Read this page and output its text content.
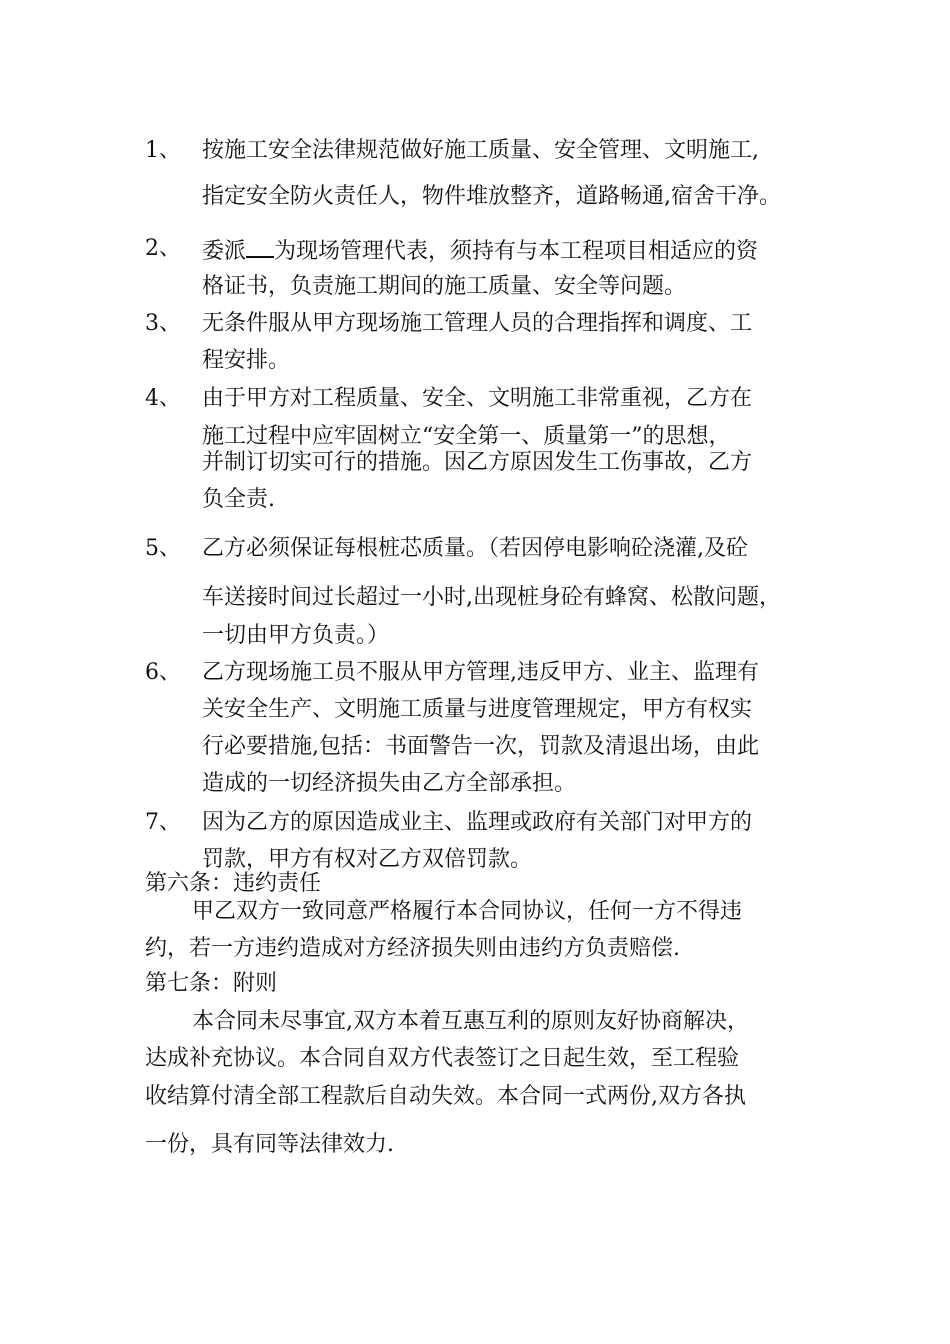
1、 按施工安全法律规范做好施工质量、安全管理、文明施工,
指定安全防火责任人，物件堆放整齐，道路畅通,宿舍干净。
2、 委派 为现场管理代表，须持有与本工程项目相适应的资
格证书，负责施工期间的施工质量、安全等问题。
3、 无条件服从甲方现场施工管理人员的合理指挥和调度、工
程安排。
4、 由于甲方对工程质量、安全、文明施工非常重视，乙方在
施工过程中应牢固树立“安全第一、质量第一”的思想，
并制订切实可行的措施。因乙方原因发生工伤事故，乙方
负全责.
5、 乙方必须保证每根桩芯质量。（若因停电影响砼浇灌,及砼
车送接时间过长超过一小时,出现桩身砼有蜂窝、松散问题，
一切由甲方负责。）
6、 乙方现场施工员不服从甲方管理,违反甲方、业主、监理有
关安全生产、文明施工质量与进度管理规定，甲方有权实
行必要措施,包括：书面警告一次，罚款及清退出场，由此
造成的一切经济损失由乙方全部承担。
7、 因为乙方的原因造成业主、监理或政府有关部门对甲方的
罚款，甲方有权对乙方双倍罚款。
第六条：违约责任
甲乙双方一致同意严格履行本合同协议，任何一方不得违
约，若一方违约造成对方经济损失则由违约方负责赔偿.
第七条：附则
本合同未尽事宜,双方本着互惠互利的原则友好协商解决，
达成补充协议。本合同自双方代表签订之日起生效，至工程验
收结算付清全部工程款后自动失效。本合同一式两份,双方各执
一份，具有同等法律效力.
